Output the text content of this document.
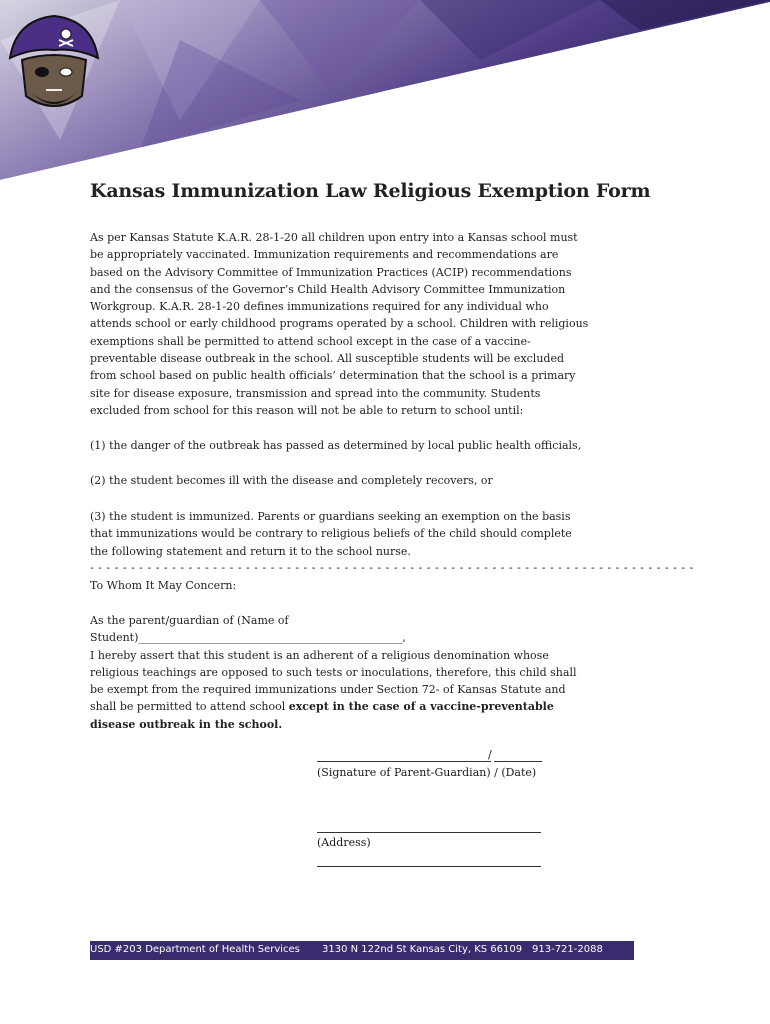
Kansas Immunization Law Religious Exemption Form

As per Kansas Statute K.A.R. 28-1-20 all children upon entry into a Kansas school must be appropriately vaccinated. Immunization requirements and recommendations are based on the Advisory Committee of Immunization Practices (ACIP) recommendations and the consensus of the Governor’s Child Health Advisory Committee Immunization Workgroup. K.A.R. 28-1-20 defines immunizations required for any individual who attends school or early childhood programs operated by a school. Children with religious exemptions shall be permitted to attend school except in the case of a vaccine-preventable disease outbreak in the school. All susceptible students will be excluded from school based on public health officials’ determination that the school is a primary site for disease exposure, transmission and spread into the community. Students excluded from school for this reason will not be able to return to school until:

(1) the danger of the outbreak has passed as determined by local public health officials,

(2) the student becomes ill with the disease and completely recovers, or

(3) the student is immunized. Parents or guardians seeking an exemption on the basis that immunizations would be contrary to religious beliefs of the child should complete the following statement and return it to the school nurse.

- - - - - - - - - - - - - - - - - - - - - - - - - - - - - - - - - - - - - - - - - - - - - - - - - - - - - - - - - - - - - - - - - - - - - - - - - -

To Whom It May Concern:

As the parent/guardian of (Name of Student)________________________________________________,
I hereby assert that this student is an adherent of a religious denomination whose religious teachings are opposed to such tests or inoculations, therefore, this child shall be exempt from the required immunizations under Section 72- of Kansas Statute and shall be permitted to attend school except in the case of a vaccine-preventable disease outbreak in the school.

/
(Signature of Parent-Guardian) / (Date)
(Address)
USD #203 Department of Health Services 3130 N 122nd St Kansas City, KS 66109 913-721-2088
